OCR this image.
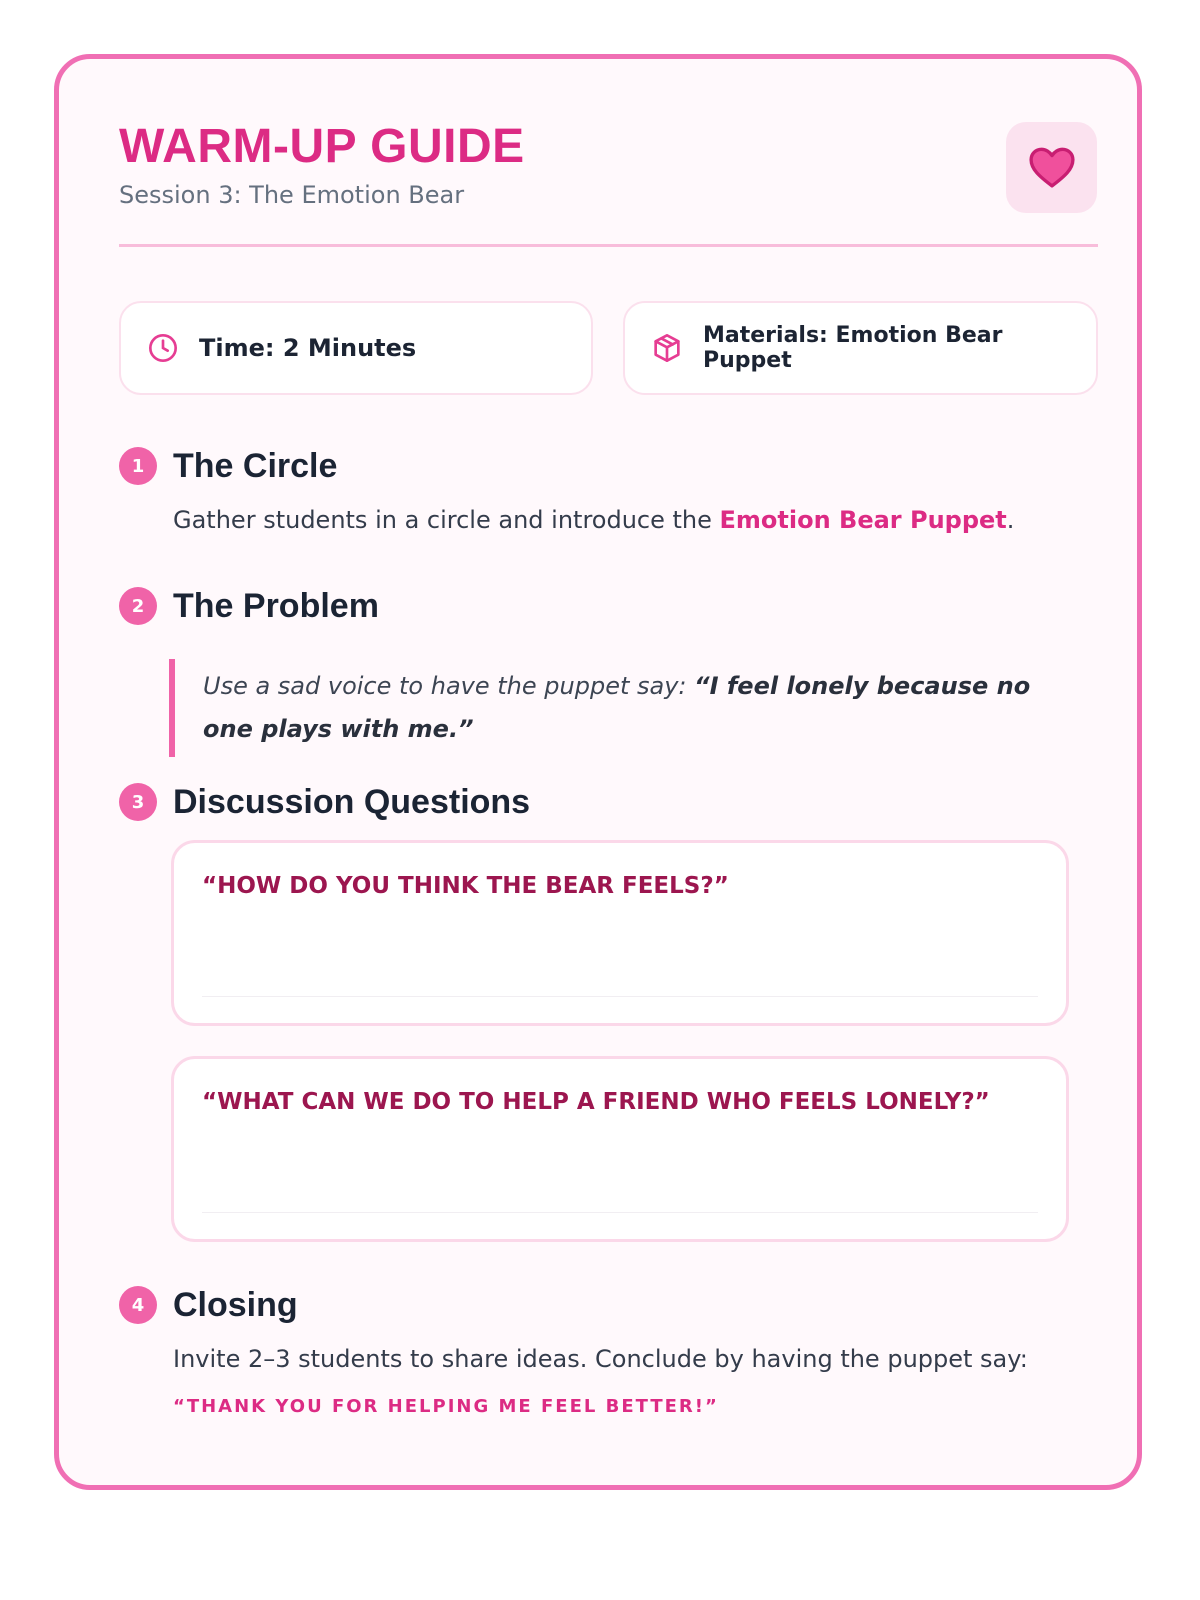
WARM-UP GUIDE
Session 3: The Emotion Bear
Time: 2 Minutes	Materials: Emotion Bear Puppet
1 The Circle
Gather students in a circle and introduce the Emotion Bear Puppet.
2 The Problem
Use a sad voice to have the puppet say: “I feel lonely because no one plays with me.”
3 Discussion Questions
“HOW DO YOU THINK THE BEAR FEELS?”
“WHAT CAN WE DO TO HELP A FRIEND WHO FEELS LONELY?”
4 Closing
Invite 2–3 students to share ideas. Conclude by having the puppet say:
“THANK YOU FOR HELPING ME FEEL BETTER!”
